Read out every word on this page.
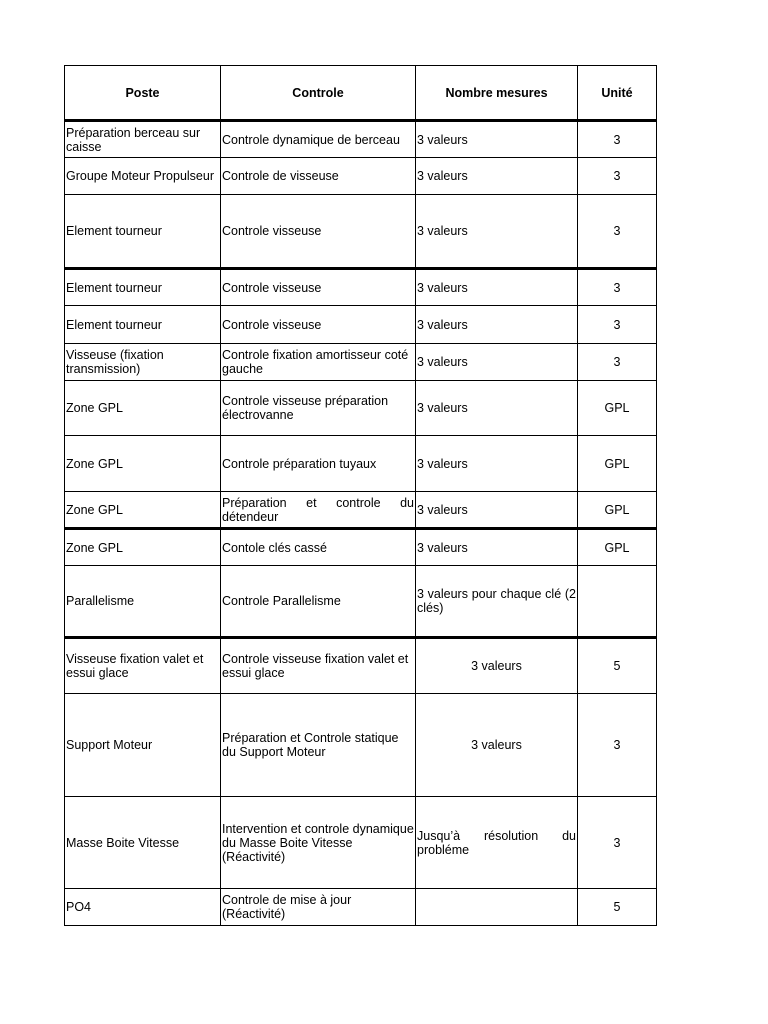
Poste	Controle	Nombre mesures	Unité
Préparation berceau sur caisse	Controle dynamique de berceau	3 valeurs	3
Groupe Moteur Propulseur	Controle de visseuse	3 valeurs	3
Element tourneur	Controle visseuse	3 valeurs	3
Element tourneur	Controle visseuse	3 valeurs	3
Element tourneur	Controle visseuse	3 valeurs	3
Visseuse (fixation transmission)	Controle fixation amortisseur coté gauche	3 valeurs	3
Zone GPL	Controle visseuse préparation électrovanne	3 valeurs	GPL
Zone GPL	Controle préparation tuyaux	3 valeurs	GPL
Zone GPL	Préparation et controle du détendeur	3 valeurs	GPL
Zone GPL	Contole clés cassé	3 valeurs	GPL
Parallelisme	Controle Parallelisme	3 valeurs pour chaque clé (2 clés)	
Visseuse fixation valet et essui glace	Controle visseuse fixation valet et essui glace	3 valeurs	5
Support Moteur	Préparation et Controle statique du Support Moteur	3 valeurs	3
Masse Boite Vitesse	Intervention et controle dynamique du Masse Boite Vitesse (Réactivité)	Jusqu’à résolution du probléme	3
PO4	Controle de mise à jour (Réactivité)		5
